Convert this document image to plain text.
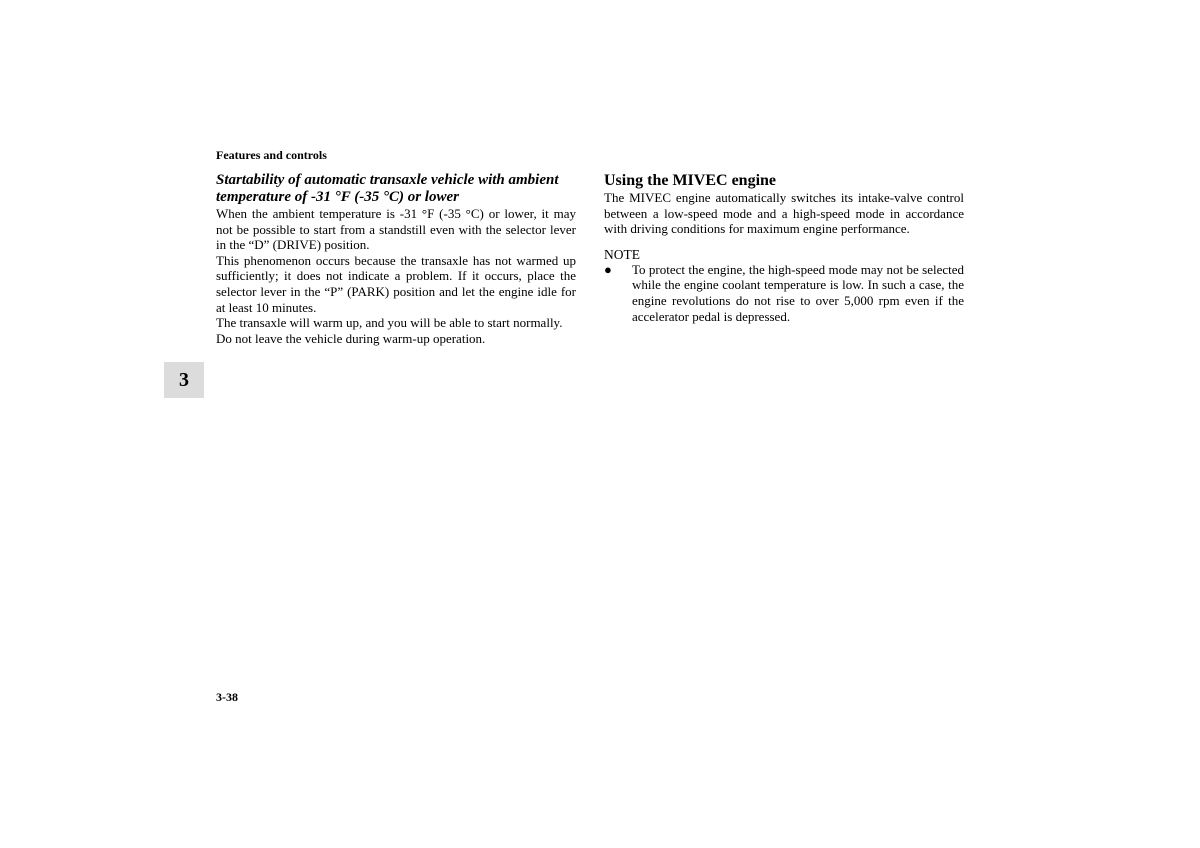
Features and controls
Startability of automatic transaxle vehicle with ambient temperature of -31 °F (-35 °C) or lower

When the ambient temperature is -31 °F (-35 °C) or lower, it may not be possible to start from a standstill even with the selector lever in the “D” (DRIVE) position.

This phenomenon occurs because the transaxle has not warmed up sufficiently; it does not indicate a problem. If it occurs, place the selector lever in the “P” (PARK) position and let the engine idle for at least 10 minutes.

The transaxle will warm up, and you will be able to start normally.

Do not leave the vehicle during warm-up operation.

Using the MIVEC engine

The MIVEC engine automatically switches its intake-valve control between a low-speed mode and a high-speed mode in accordance with driving conditions for maximum engine performance.

NOTE
●	To protect the engine, the high-speed mode may not be selected while the engine coolant temperature is low. In such a case, the engine revolutions do not rise to over 5,000 rpm even if the accelerator pedal is depressed.
3
3-38
